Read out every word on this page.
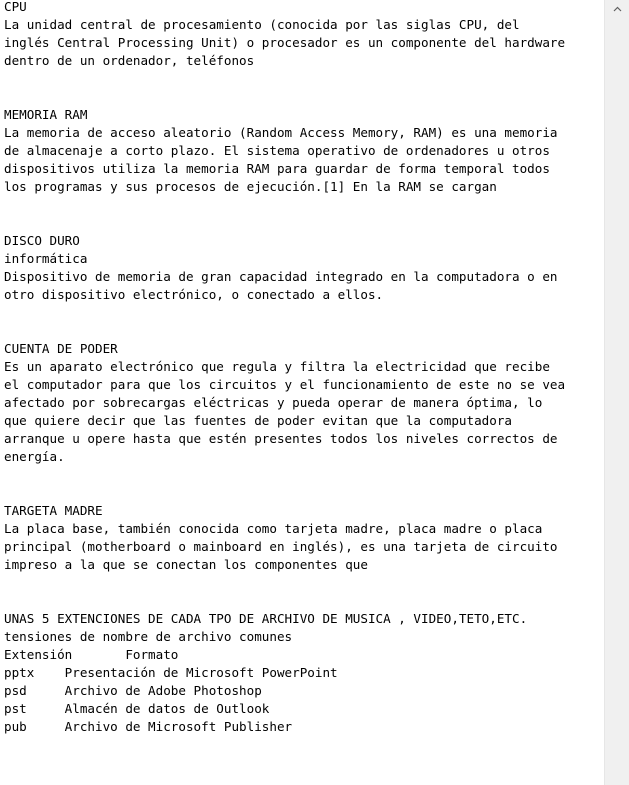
CPU
La unidad central de procesamiento (conocida por las siglas CPU, del
inglés Central Processing Unit) o procesador es un componente del hardware
dentro de un ordenador, teléfonos
MEMORIA RAM
La memoria de acceso aleatorio (Random Access Memory, RAM) es una memoria
de almacenaje a corto plazo. El sistema operativo de ordenadores u otros
dispositivos utiliza la memoria RAM para guardar de forma temporal todos
los programas y sus procesos de ejecución.[1] En la RAM se cargan
DISCO DURO
informática
Dispositivo de memoria de gran capacidad integrado en la computadora o en
otro dispositivo electrónico, o conectado a ellos.
CUENTA DE PODER
Es un aparato electrónico que regula y filtra la electricidad que recibe
el computador para que los circuitos y el funcionamiento de este no se vea
afectado por sobrecargas eléctricas y pueda operar de manera óptima, lo
que quiere decir que las fuentes de poder evitan que la computadora
arranque u opere hasta que estén presentes todos los niveles correctos de
energía.
TARGETA MADRE
La placa base, también conocida como tarjeta madre, placa madre o placa
principal (motherboard o mainboard en inglés), es una tarjeta de circuito
impreso a la que se conectan los componentes que
UNAS 5 EXTENCIONES DE CADA TPO DE ARCHIVO DE MUSICA , VIDEO,TETO,ETC.
tensiones de nombre de archivo comunes
Extensión       Formato
pptx    Presentación de Microsoft PowerPoint
psd     Archivo de Adobe Photoshop
pst     Almacén de datos de Outlook
pub     Archivo de Microsoft Publisher
